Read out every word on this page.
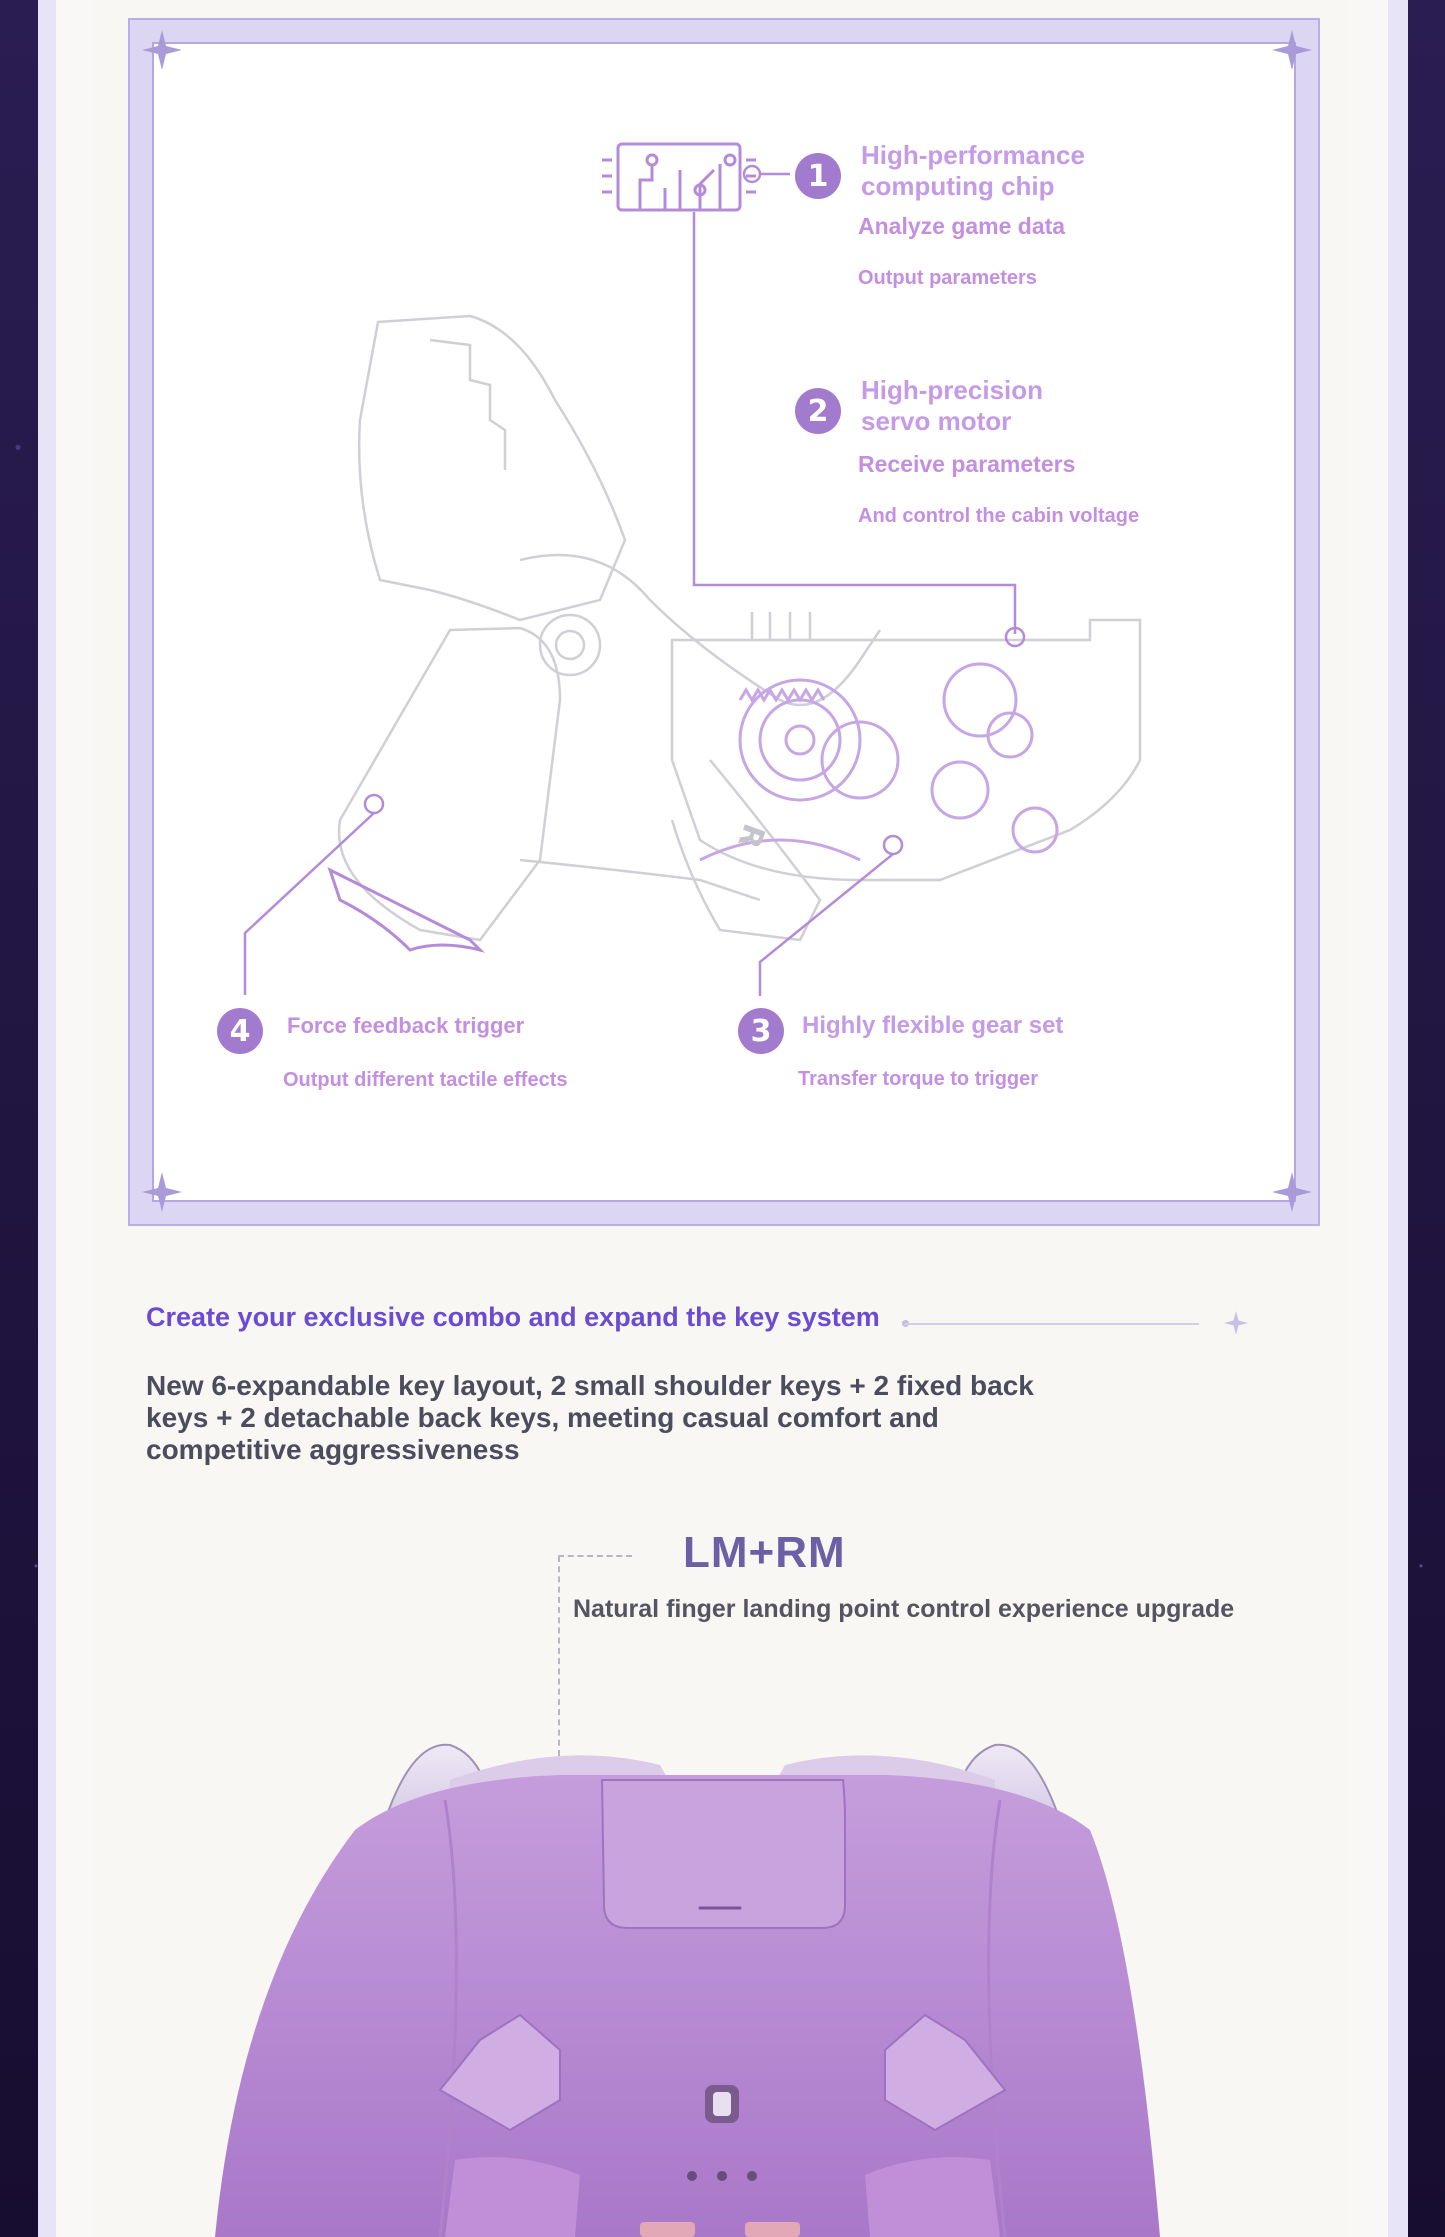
R
1
High-performance
computing chip
Analyze game data
Output parameters
2
High-precision
servo motor
Receive parameters
And control the cabin voltage
3	Highly flexible gear set
Transfer torque to trigger
4	Force feedback trigger
Output different tactile effects
Create your exclusive combo and expand the key system
New 6-expandable key layout, 2 small shoulder keys + 2 fixed back keys + 2 detachable back keys, meeting casual comfort and competitive aggressiveness
LM+RM
Natural finger landing point control experience upgrade
